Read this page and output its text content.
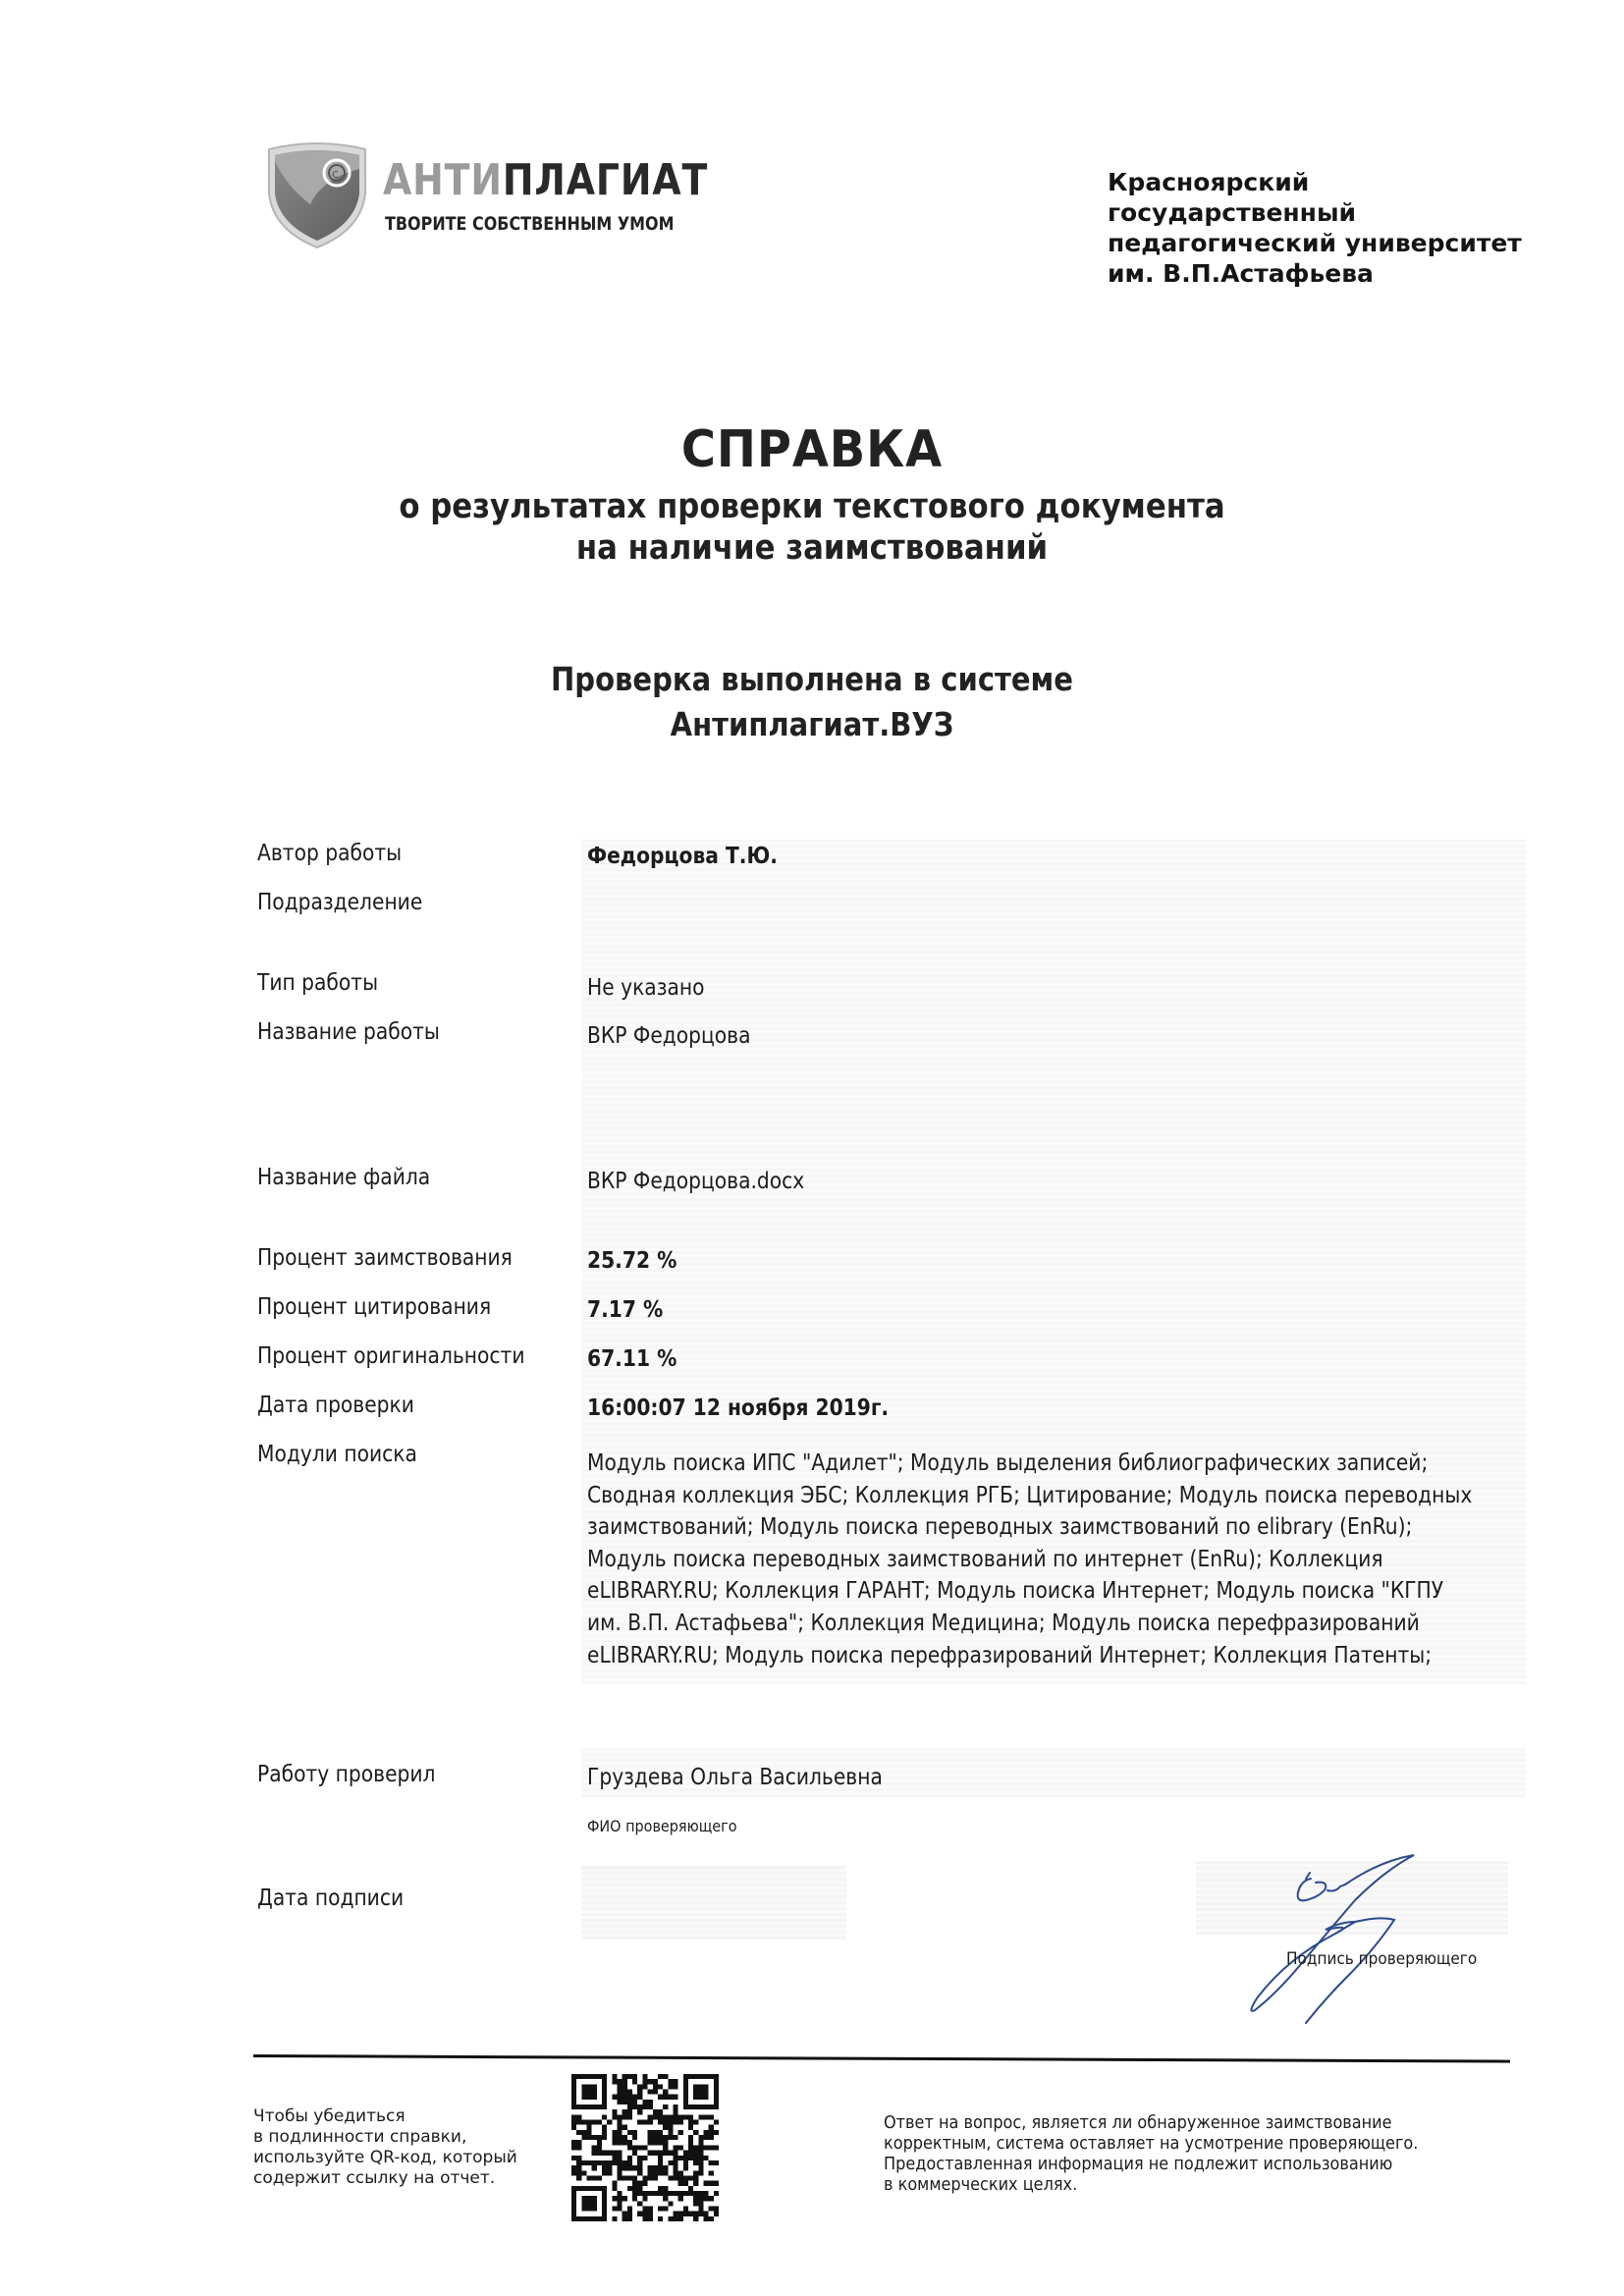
c АНТИПЛАГИАТ
ТВОРИТЕ СОБСТВЕННЫМ УМОМ
Красноярский
государственный
педагогический университет
им. В.П.Астафьева
СПРАВКА
о результатах проверки текстового документа
на наличие заимствований
Проверка выполнена в системе
Антиплагиат.ВУЗ
Автор работы	Федорцова Т.Ю.
Подразделение
Тип работы	Не указано
Название работы	ВКР Федорцова
Название файла	ВКР Федорцова.docx
Процент заимствования	25.72 %
Процент цитирования	7.17 %
Процент оригинальности	67.11 %
Дата проверки	16:00:07 12 ноября 2019г.
Модули поиска	Модуль поиска ИПС "Адилет"; Модуль выделения библиографических записей;
Сводная коллекция ЭБС; Коллекция РГБ; Цитирование; Модуль поиска переводных
заимствований; Модуль поиска переводных заимствований по elibrary (EnRu);
Модуль поиска переводных заимствований по интернет (EnRu); Коллекция
eLIBRARY.RU; Коллекция ГАРАНТ; Модуль поиска Интернет; Модуль поиска "КГПУ
им. В.П. Астафьева"; Коллекция Медицина; Модуль поиска перефразирований
eLIBRARY.RU; Модуль поиска перефразирований Интернет; Коллекция Патенты;
Работу проверил	Груздева Ольга Васильевна
ФИО проверяющего
Дата подписи
Подпись проверяющего
Чтобы убедиться
в подлинности справки,
используйте QR-код, который
содержит ссылку на отчет.
Ответ на вопрос, является ли обнаруженное заимствование
корректным, система оставляет на усмотрение проверяющего.
Предоставленная информация не подлежит использованию
в коммерческих целях.
